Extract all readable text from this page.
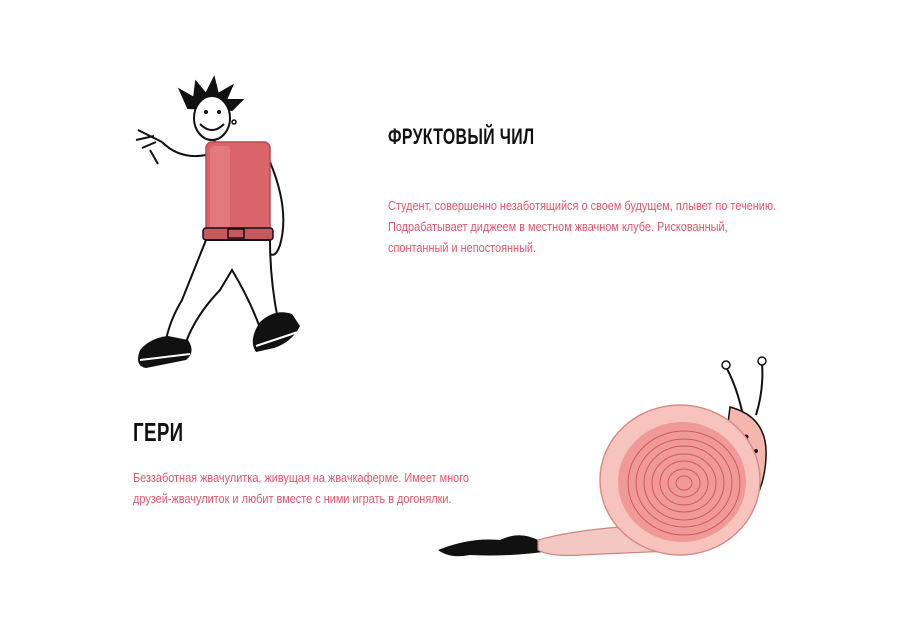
ФРУКТОВЫЙ ЧИЛ

Студент, совершенно незаботящийся о своем будущем, плывет по течению. Подрабатывает диджеем в местном жвачном клубе. Рискованный, спонтанный и непостоянный.

ГЕРИ

Беззаботная жвачулитка, живущая на жвачкаферме. Имеет много друзей-жвачулиток и любит вместе с ними играть в догонялки.
